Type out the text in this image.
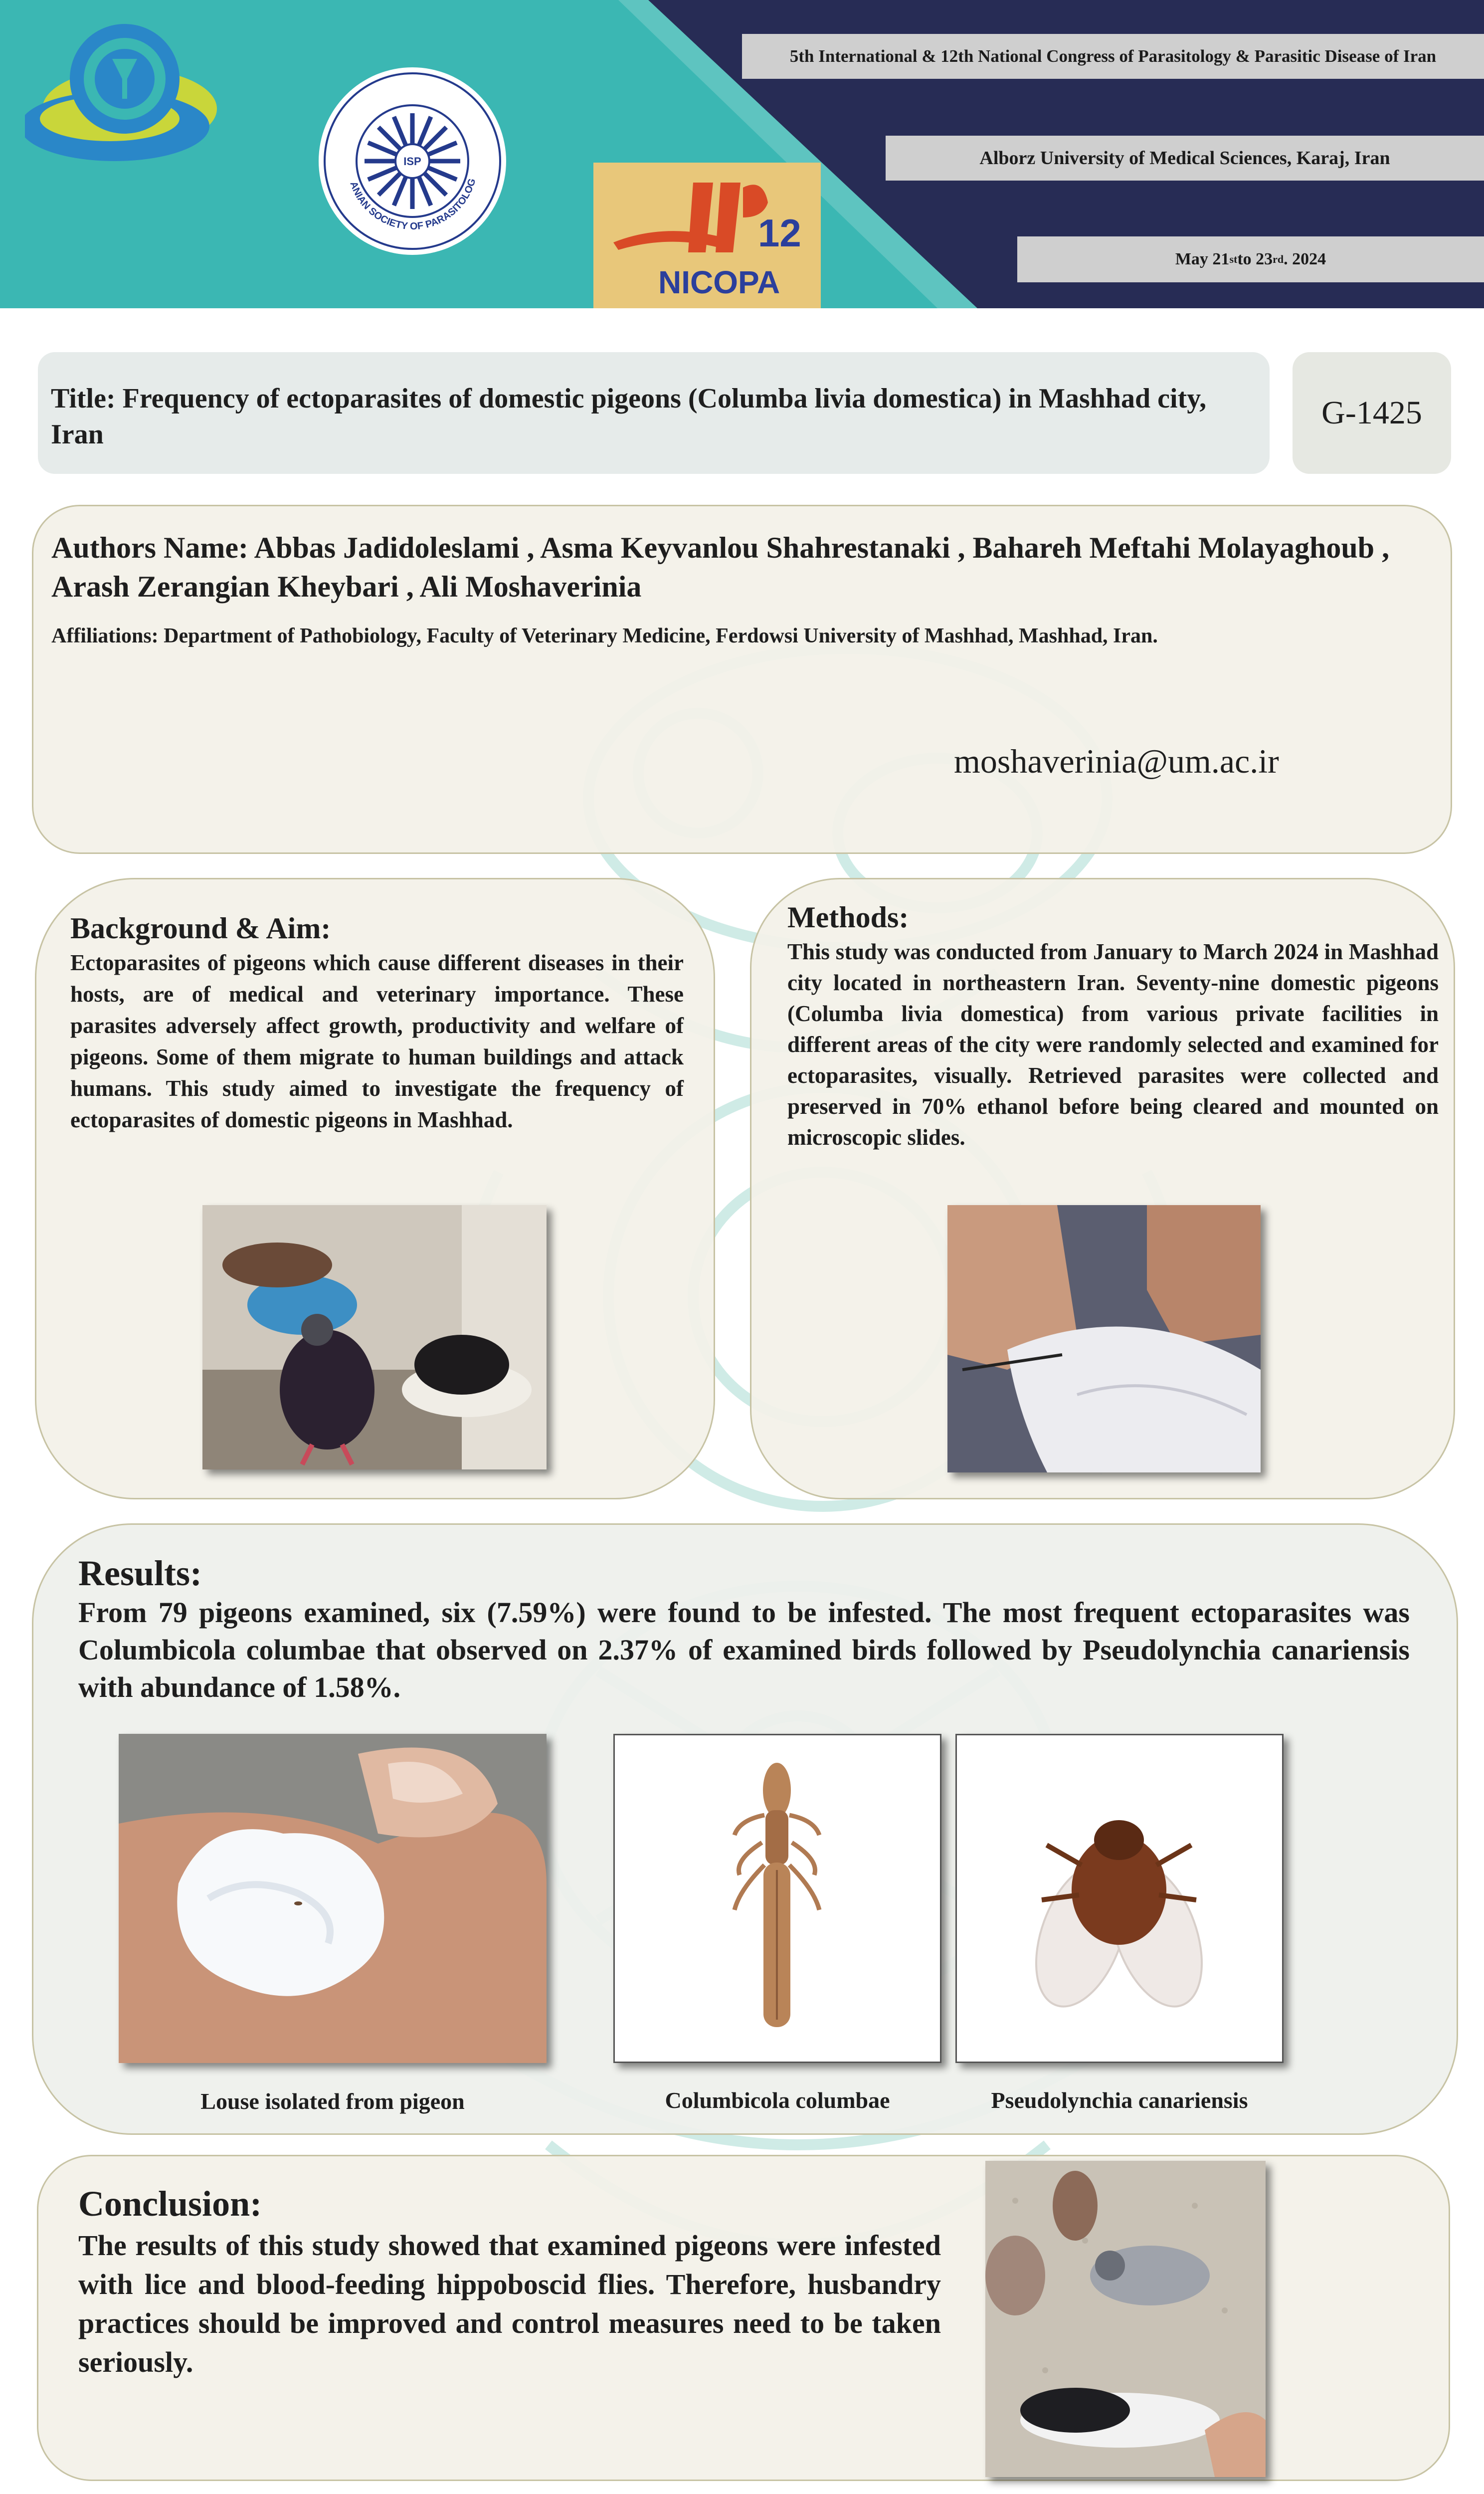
ISP
ANIAN SOCIETY OF PARASITOLOG
12
NICOPA
5th International & 12th National Congress of Parasitology & Parasitic Disease of Iran
Alborz University of Medical Sciences, Karaj, Iran
May 21 st to 23 rd . 2024
Title: Frequency of ectoparasites of domestic pigeons (Columba livia domestica) in Mashhad city, Iran
G-1425
Authors Name: Abbas Jadidoleslami , Asma Keyvanlou Shahrestanaki , Bahareh Meftahi Molayaghoub , Arash Zerangian Kheybari , Ali Moshaverinia
Affiliations: Department of Pathobiology, Faculty of Veterinary Medicine, Ferdowsi University of Mashhad, Mashhad, Iran.
moshaverinia@um.ac.ir
Background & Aim:
Ectoparasites of pigeons which cause different diseases in their hosts, are of medical and veterinary importance. These parasites adversely affect growth, productivity and welfare of pigeons. Some of them migrate to human buildings and attack humans. This study aimed to investigate the frequency of ectoparasites of domestic pigeons in Mashhad.
Methods:
This study was conducted from January to March 2024 in Mashhad city located in northeastern Iran. Seventy-nine domestic pigeons (Columba livia domestica) from various private facilities in different areas of the city were randomly selected and examined for ectoparasites, visually. Retrieved parasites were collected and preserved in 70% ethanol before being cleared and mounted on microscopic slides.
Results:
From 79 pigeons examined, six (7.59%) were found to be infested. The most frequent ectoparasites was Columbicola columbae that observed on 2.37% of examined birds followed by Pseudolynchia canariensis with abundance of 1.58%.
Louse isolated from pigeon	Columbicola columbae	Pseudolynchia canariensis
Conclusion:
The results of this study showed that examined pigeons were infested with lice and blood-feeding hippoboscid flies. Therefore, husbandry practices should be improved and control measures need to be taken seriously.
